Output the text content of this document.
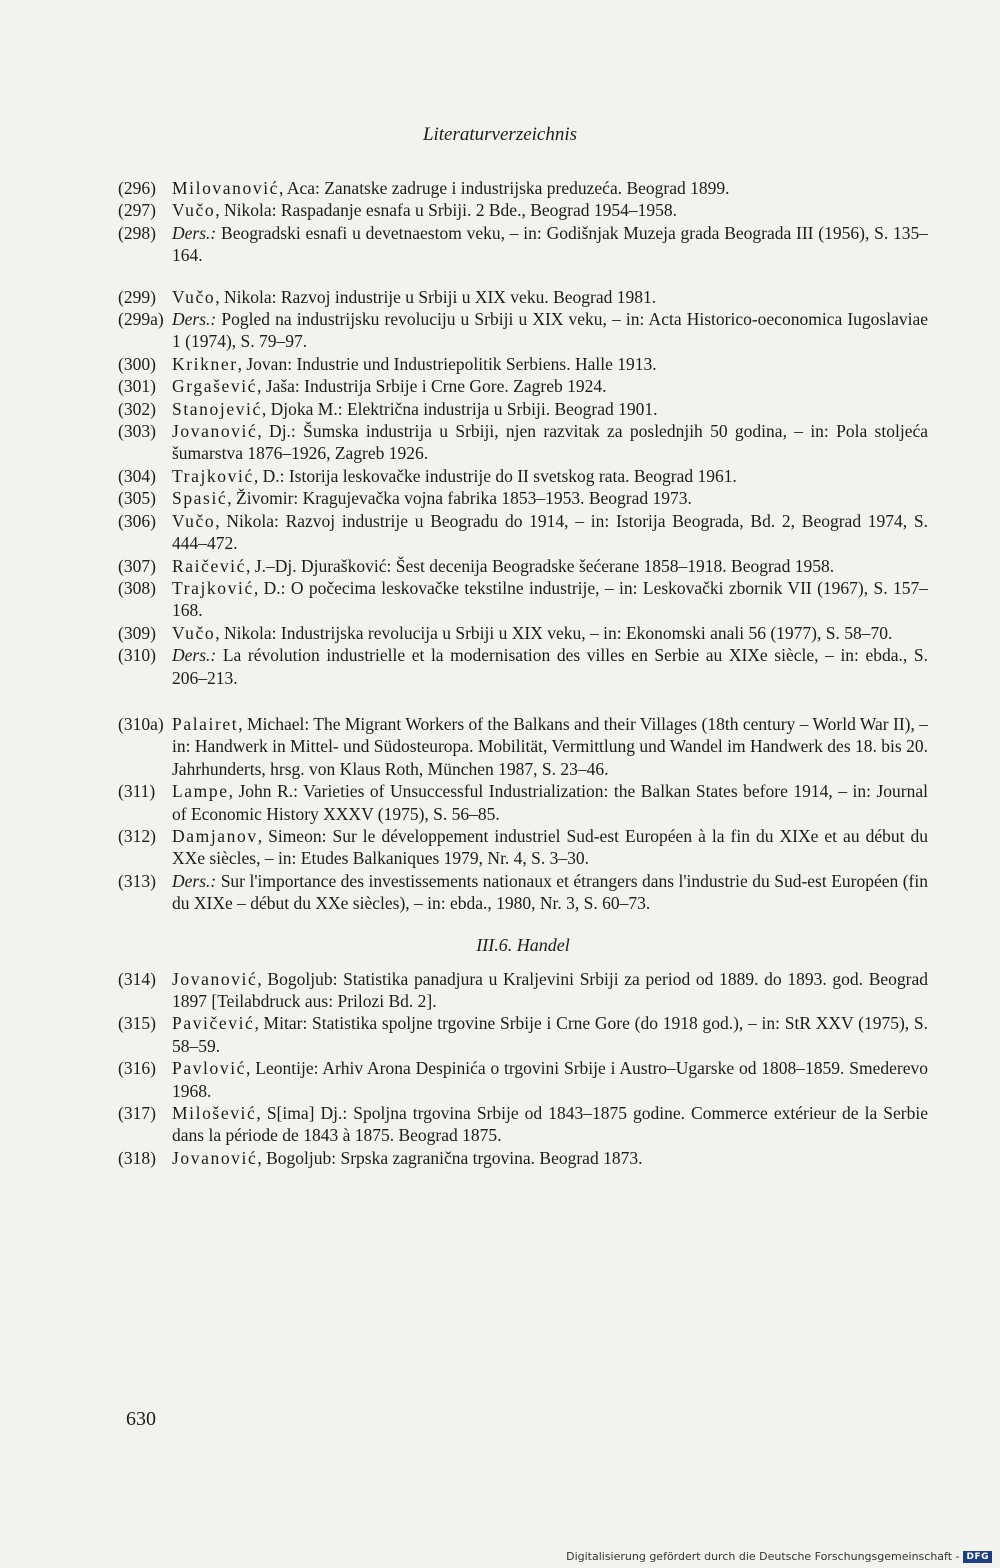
Literaturverzeichnis
(296) Milovanović, Aca: Zanatske zadruge i industrijska preduzeća. Beograd 1899.
(297) Vučo, Nikola: Raspadanje esnafa u Srbiji. 2 Bde., Beograd 1954–1958.
(298) Ders.: Beogradski esnafi u devetnaestom veku, – in: Godišnjak Muzeja grada Beograda III (1956), S. 135–164.
(299) Vučo, Nikola: Razvoj industrije u Srbiji u XIX veku. Beograd 1981.
(299a) Ders.: Pogled na industrijsku revoluciju u Srbiji u XIX veku, – in: Acta Historico-oeconomica Iugoslaviae 1 (1974), S. 79–97.
(300) Krikner, Jovan: Industrie und Industriepolitik Serbiens. Halle 1913.
(301) Grgašević, Jaša: Industrija Srbije i Crne Gore. Zagreb 1924.
(302) Stanojević, Djoka M.: Električna industrija u Srbiji. Beograd 1901.
(303) Jovanović, Dj.: Šumska industrija u Srbiji, njen razvitak za poslednjih 50 godina, – in: Pola stoljeća šumarstva 1876–1926, Zagreb 1926.
(304) Trajković, D.: Istorija leskovačke industrije do II svetskog rata. Beograd 1961.
(305) Spasić, Živomir: Kragujevačka vojna fabrika 1853–1953. Beograd 1973.
(306) Vučo, Nikola: Razvoj industrije u Beogradu do 1914, – in: Istorija Beograda, Bd. 2, Beograd 1974, S. 444–472.
(307) Raičević, J.–Dj. Djurašković: Šest decenija Beogradske šećerane 1858–1918. Beograd 1958.
(308) Trajković, D.: O počecima leskovačke tekstilne industrije, – in: Leskovački zbornik VII (1967), S. 157–168.
(309) Vučo, Nikola: Industrijska revolucija u Srbiji u XIX veku, – in: Ekonomski anali 56 (1977), S. 58–70.
(310) Ders.: La révolution industrielle et la modernisation des villes en Serbie au XIXe siècle, – in: ebda., S. 206–213.
(310a) Palairet, Michael: The Migrant Workers of the Balkans and their Villages (18th century – World War II), – in: Handwerk in Mittel- und Südosteuropa. Mobilität, Vermittlung und Wandel im Handwerk des 18. bis 20. Jahrhunderts, hrsg. von Klaus Roth, München 1987, S. 23–46.
(311) Lampe, John R.: Varieties of Unsuccessful Industrialization: the Balkan States before 1914, – in: Journal of Economic History XXXV (1975), S. 56–85.
(312) Damjanov, Simeon: Sur le développement industriel Sud-est Européen à la fin du XIXe et au début du XXe siècles, – in: Etudes Balkaniques 1979, Nr. 4, S. 3–30.
(313) Ders.: Sur l'importance des investissements nationaux et étrangers dans l'industrie du Sud-est Européen (fin du XIXe – début du XXe siècles), – in: ebda., 1980, Nr. 3, S. 60–73.
III.6. Handel
(314) Jovanović, Bogoljub: Statistika panadjura u Kraljevini Srbiji za period od 1889. do 1893. god. Beograd 1897 [Teilabdruck aus: Prilozi Bd. 2].
(315) Pavičević, Mitar: Statistika spoljne trgovine Srbije i Crne Gore (do 1918 god.), – in: StR XXV (1975), S. 58–59.
(316) Pavlović, Leontije: Arhiv Arona Despinića o trgovini Srbije i Austro–Ugarske od 1808–1859. Smederevo 1968.
(317) Milošević, S[ima] Dj.: Spoljna trgovina Srbije od 1843–1875 godine. Commerce extérieur de la Serbie dans la période de 1843 à 1875. Beograd 1875.
(318) Jovanović, Bogoljub: Srpska zagranična trgovina. Beograd 1873.
630
Digitalisierung gefördert durch die Deutsche Forschungsgemeinschaft - DFG
